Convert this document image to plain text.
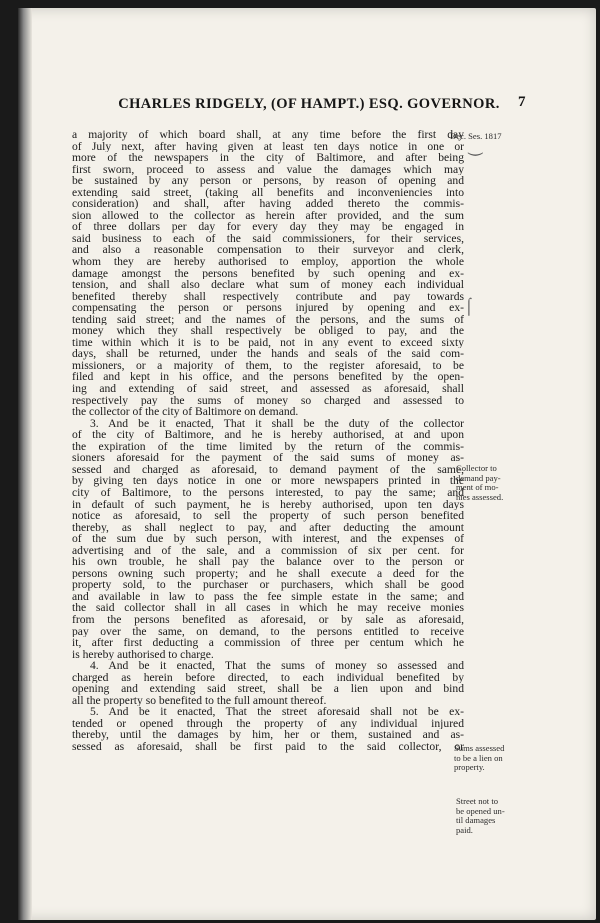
CHARLES RIDGELY, (OF HAMPT.) ESQ. GOVERNOR.	7
Dec. Ses. 1817
⏝
a majority of which board shall, at any time before the first day
of July next, after having given at least ten days notice in one or
more of the newspapers in the city of Baltimore, and after being
first sworn, proceed to assess and value the damages which may
be sustained by any person or persons, by reason of opening and
extending said street, (taking all benefits and inconveniencies into
consideration) and shall, after having added thereto the commis-
sion allowed to the collector as herein after provided, and the sum
of three dollars per day for every day they may be engaged in
said business to each of the said commissioners, for their services,
and also a reasonable compensation to their surveyor and clerk,
whom they are hereby authorised to employ, apportion the whole
damage amongst the persons benefited by such opening and ex-
tension, and shall also declare what sum of money each individual
benefited thereby shall respectively contribute and pay towards
compensating the person or persons injured by opening and ex-
tending said street; and the names of the persons, and the sums of
money which they shall respectively be obliged to pay, and the
time within which it is to be paid, not in any event to exceed sixty
days, shall be returned, under the hands and seals of the said com-
missioners, or a majority of them, to the register aforesaid, to be
filed and kept in his office, and the persons benefited by the open-
ing and extending of said street, and assessed as aforesaid, shall
respectively pay the sums of money so charged and assessed to
the collector of the city of Baltimore on demand.
3. And be it enacted, That it shall be the duty of the collector
of the city of Baltimore, and he is hereby authorised, at and upon
the expiration of the time limited by the return of the commis-
sioners aforesaid for the payment of the said sums of money as-
sessed and charged as aforesaid, to demand payment of the same,
by giving ten days notice in one or more newspapers printed in the
city of Baltimore, to the persons interested, to pay the same; and
in default of such payment, he is hereby authorised, upon ten days
notice as aforesaid, to sell the property of such person benefited
thereby, as shall neglect to pay, and after deducting the amount
of the sum due by such person, with interest, and the expenses of
advertising and of the sale, and a commission of six per cent. for
his own trouble, he shall pay the balance over to the person or
persons owning such property; and he shall execute a deed for the
property sold, to the purchaser or purchasers, which shall be good
and available in law to pass the fee simple estate in the same; and
the said collector shall in all cases in which he may receive monies
from the persons benefited as aforesaid, or by sale as aforesaid,
pay over the same, on demand, to the persons entitled to receive
it, after first deducting a commission of three per centum which he
is hereby authorised to charge.
4. And be it enacted, That the sums of money so assessed and
charged as herein before directed, to each individual benefited by
opening and extending said street, shall be a lien upon and bind
all the property so benefited to the full amount thereof.
5. And be it enacted, That the street aforesaid shall not be ex-
tended or opened through the property of any individual injured
thereby, until the damages by him, her or them, sustained and as-
sessed as aforesaid, shall be first paid to the said collector, or
⌠
Collector to
demand pay-
ment of mo-
nies assessed.
Sums assessed
to be a lien on
property.
Street not to
be opened un-
til damages
paid.
